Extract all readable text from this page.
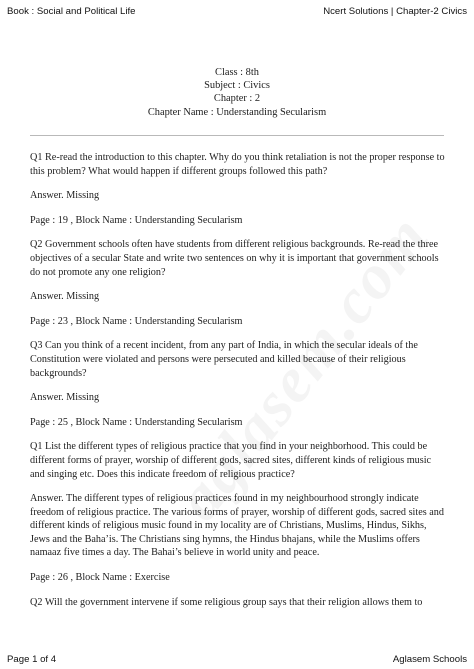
Book : Social and Political Life	Ncert Solutions | Chapter-2 Civics
Class : 8th
Subject : Civics
Chapter : 2
Chapter Name : Understanding Secularism

Q1 Re-read the introduction to this chapter. Why do you think retaliation is not the proper response to this problem? What would happen if different groups followed this path?

Answer. Missing

Page : 19 , Block Name : Understanding Secularism

Q2 Government schools often have students from different religious backgrounds. Re-read the three objectives of a secular State and write two sentences on why it is important that government schools do not promote any one religion?

Answer. Missing

Page : 23 , Block Name : Understanding Secularism

Q3 Can you think of a recent incident, from any part of India, in which the secular ideals of the Constitution were violated and persons were persecuted and killed because of their religious backgrounds?

Answer. Missing

Page : 25 , Block Name : Understanding Secularism

Q1 List the different types of religious practice that you find in your neighborhood. This could be different forms of prayer, worship of different gods, sacred sites, different kinds of religious music and singing etc. Does this indicate freedom of religious practice?

Answer. The different types of religious practices found in my neighbourhood strongly indicate freedom of religious practice. The various forms of prayer, worship of different gods, sacred sites and different kinds of religious music found in my locality are of Christians, Muslims, Hindus, Sikhs, Jews and the Baha’is. The Christians sing hymns, the Hindus bhajans, while the Muslims offers namaaz five times a day. The Bahai’s believe in world unity and peace.

Page : 26 , Block Name : Exercise

Q2 Will the government intervene if some religious group says that their religion allows them to

Page 1 of 4	Aglasem Schools
